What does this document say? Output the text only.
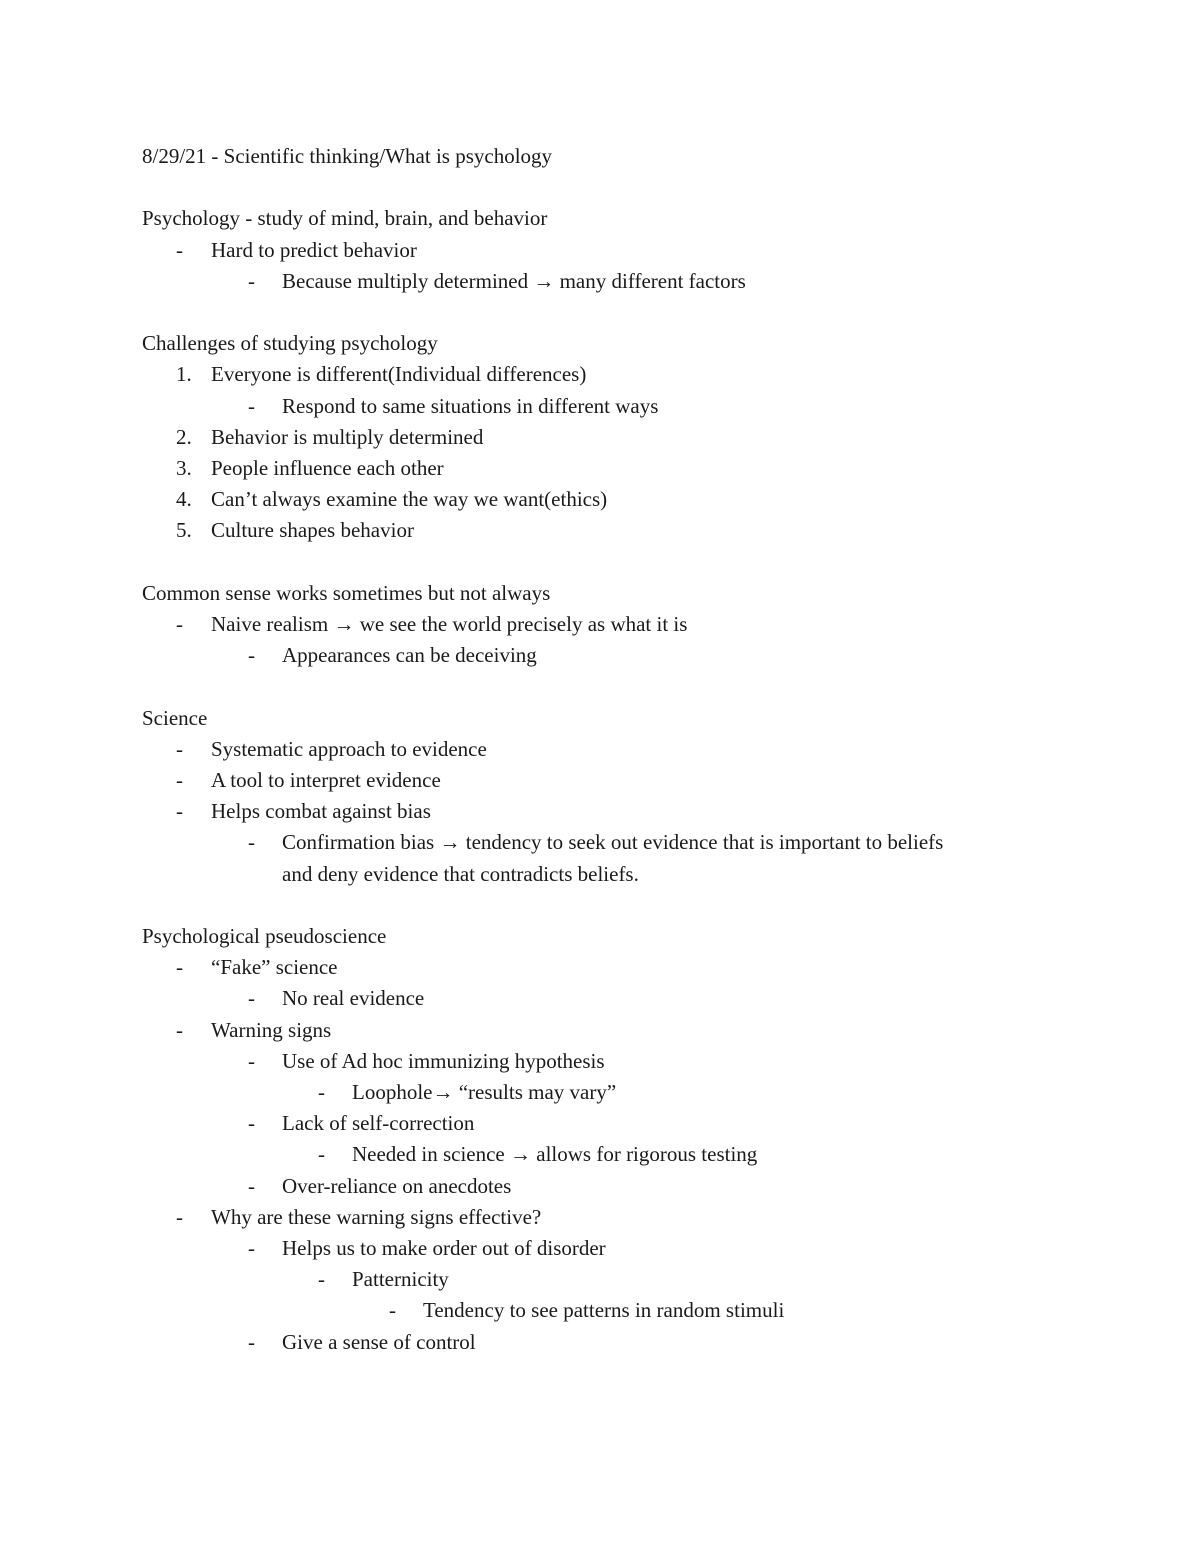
8/29/21 - Scientific thinking/What is psychology
Psychology - study of mind, brain, and behavior
- Hard to predict behavior
- Because multiply determined → many different factors
Challenges of studying psychology
1. Everyone is different(Individual differences)
- Respond to same situations in different ways
2. Behavior is multiply determined
3. People influence each other
4. Can’t always examine the way we want(ethics)
5. Culture shapes behavior
Common sense works sometimes but not always
- Naive realism → we see the world precisely as what it is
- Appearances can be deceiving
Science
- Systematic approach to evidence
- A tool to interpret evidence
- Helps combat against bias
- Confirmation bias → tendency to seek out evidence that is important to beliefs
and deny evidence that contradicts beliefs.
Psychological pseudoscience
- “Fake” science
- No real evidence
- Warning signs
- Use of Ad hoc immunizing hypothesis
- Loophole→ “results may vary”
- Lack of self-correction
- Needed in science → allows for rigorous testing
- Over-reliance on anecdotes
- Why are these warning signs effective?
- Helps us to make order out of disorder
- Patternicity
- Tendency to see patterns in random stimuli
- Give a sense of control
